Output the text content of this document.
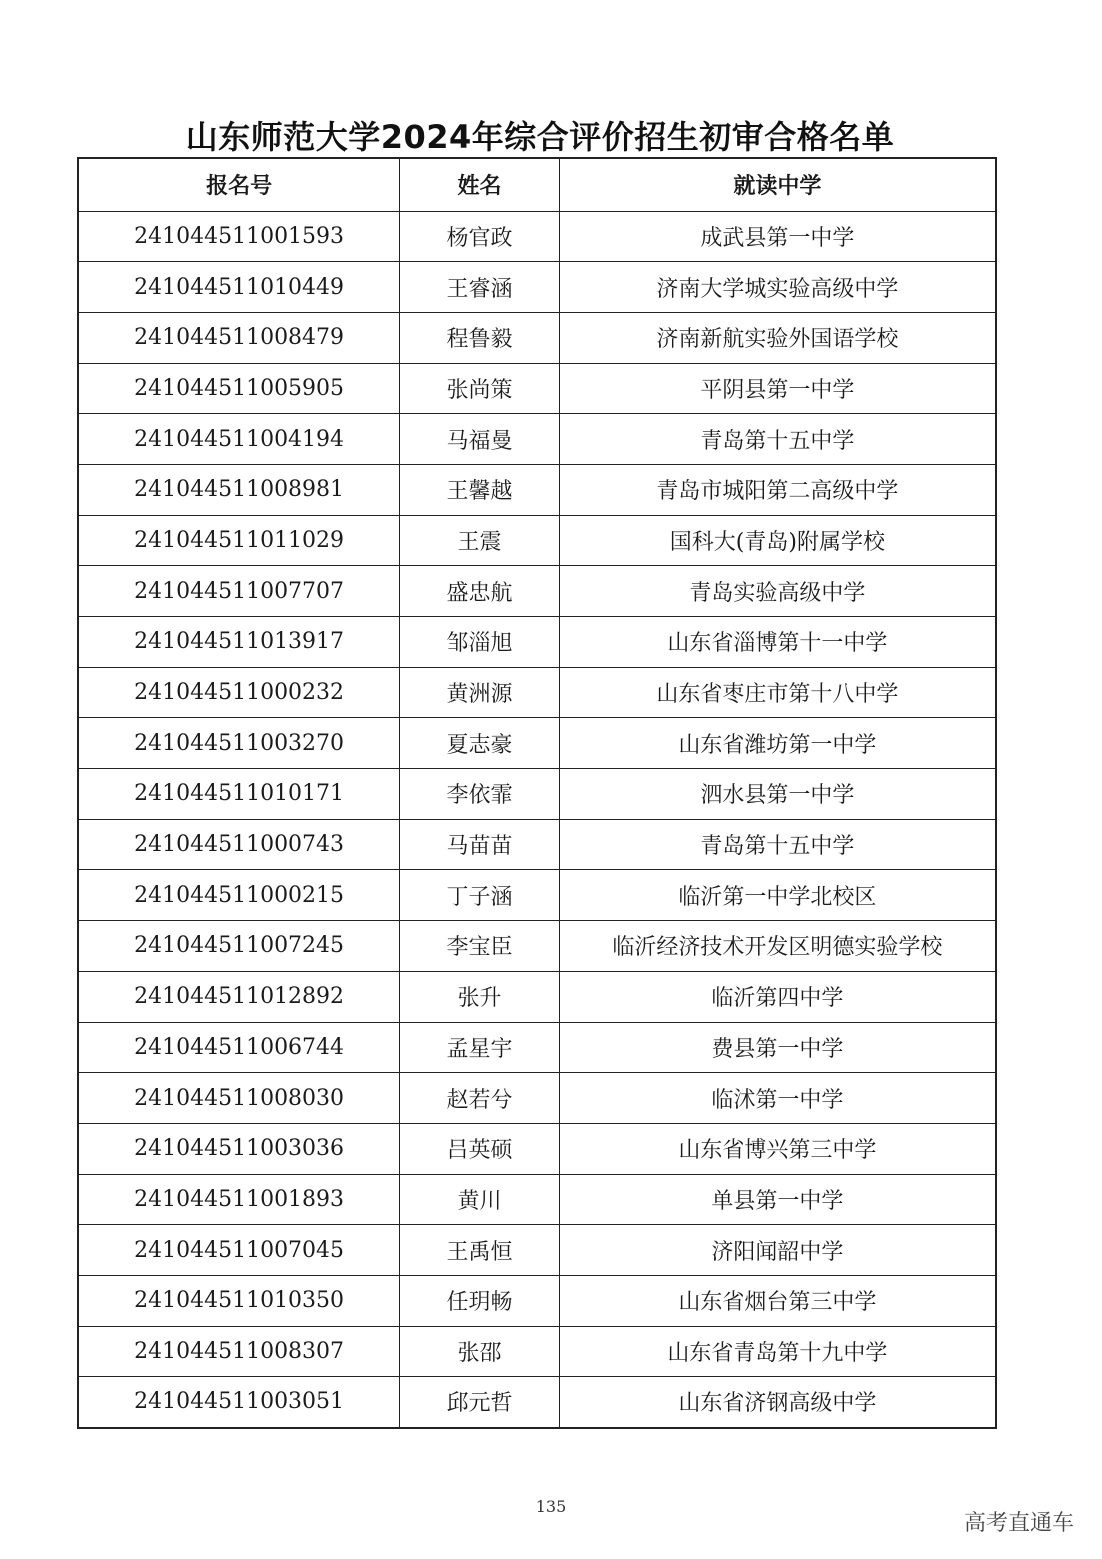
山东师范大学2024年综合评价招生初审合格名单
报名号	姓名	就读中学
241044511001593	杨官政	成武县第一中学
241044511010449	王睿涵	济南大学城实验高级中学
241044511008479	程鲁毅	济南新航实验外国语学校
241044511005905	张尚策	平阴县第一中学
241044511004194	马福曼	青岛第十五中学
241044511008981	王馨越	青岛市城阳第二高级中学
241044511011029	王震	国科大(青岛)附属学校
241044511007707	盛忠航	青岛实验高级中学
241044511013917	邹淄旭	山东省淄博第十一中学
241044511000232	黄洲源	山东省枣庄市第十八中学
241044511003270	夏志豪	山东省潍坊第一中学
241044511010171	李依霏	泗水县第一中学
241044511000743	马苗苗	青岛第十五中学
241044511000215	丁子涵	临沂第一中学北校区
241044511007245	李宝臣	临沂经济技术开发区明德实验学校
241044511012892	张升	临沂第四中学
241044511006744	孟星宇	费县第一中学
241044511008030	赵若兮	临沭第一中学
241044511003036	吕英硕	山东省博兴第三中学
241044511001893	黄川	单县第一中学
241044511007045	王禹恒	济阳闻韶中学
241044511010350	任玥畅	山东省烟台第三中学
241044511008307	张邵	山东省青岛第十九中学
241044511003051	邱元哲	山东省济钢高级中学
135
高考直通车
